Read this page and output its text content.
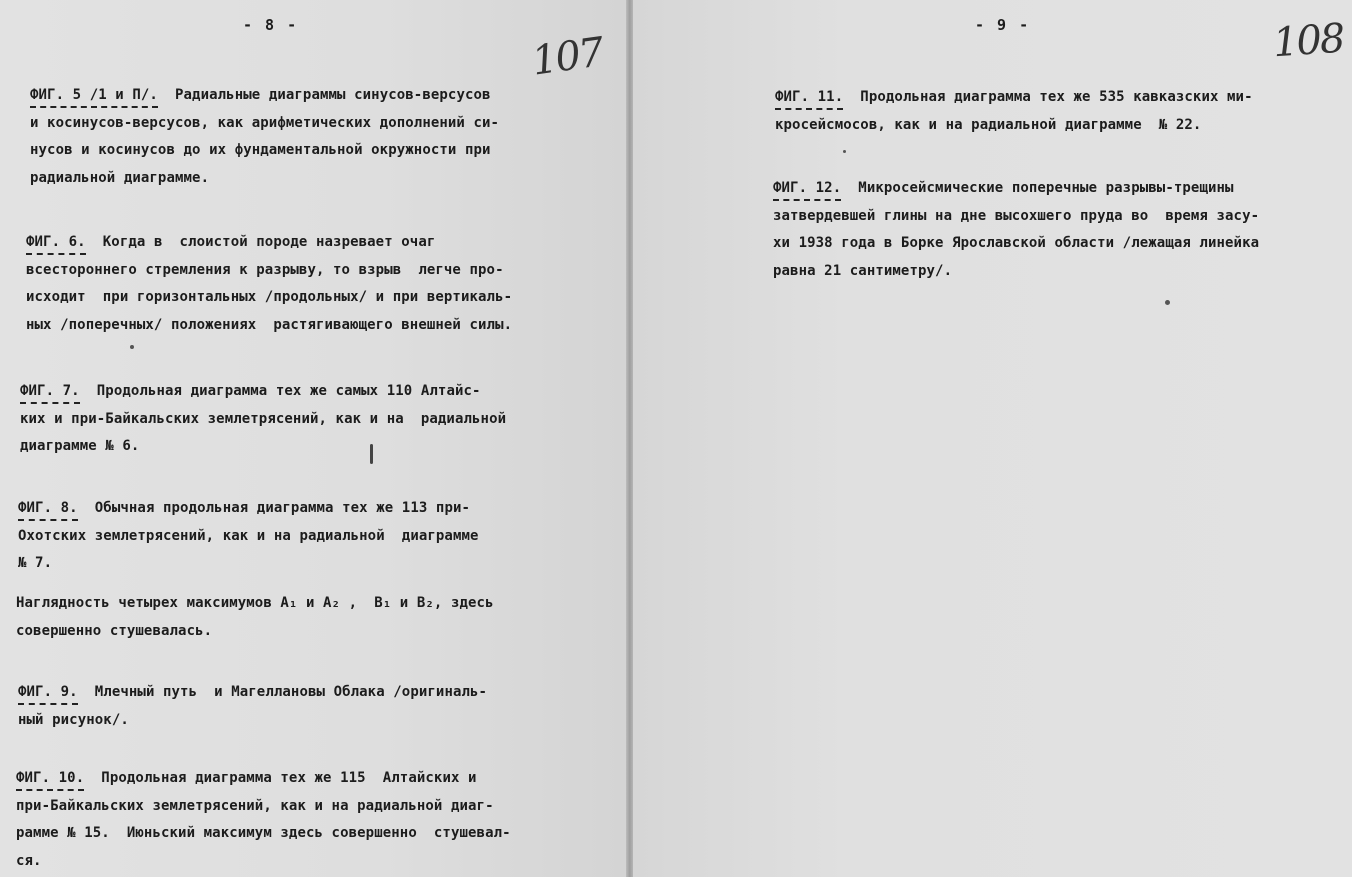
- 8 -
107
ФИГ. 5 /1 и П/. Радиальные диаграммы синусов-версусов
и косинусов-версусов, как арифметических дополнений си-
нусов и косинусов до их фундаментальной окружности при
радиальной диаграмме.
ФИГ. 6. Когда в  слоистой породе назревает очаг
всестороннего стремления к разрыву, то взрыв  легче про-
исходит  при горизонтальных /продольных/ и при вертикаль-
ных /поперечных/ положениях  растягивающего внешней силы.
ФИГ. 7. Продольная диаграмма тех же самых 110 Алтайс-
ких и при-Байкальских землетрясений, как и на  радиальной
диаграмме № 6.
ФИГ. 8. Обычная продольная диаграмма тех же 113 при-
Охотских землетрясений, как и на радиальной  диаграмме
№ 7.
Наглядность четырех максимумов A₁ и A₂ ,  B₁ и B₂, здесь
совершенно стушевалась.
ФИГ. 9. Млечный путь  и Магеллановы Облака /оригиналь-
ный рисунок/.
ФИГ. 10. Продольная диаграмма тех же 115  Алтайских и
при-Байкальских землетрясений, как и на радиальной диаг-
рамме № 15.  Июньский максимум здесь совершенно  стушевал-
ся.
- 9 -	108
ФИГ. 11. Продольная диаграмма тех же 535 кавказских ми-
кросейсмосов, как и на радиальной диаграмме  № 22.
ФИГ. 12. Микросейсмические поперечные разрывы-трещины
затвердевшей глины на дне высохшего пруда во  время засу-
хи 1938 года в Борке Ярославской области /лежащая линейка
равна 21 сантиметру/.
